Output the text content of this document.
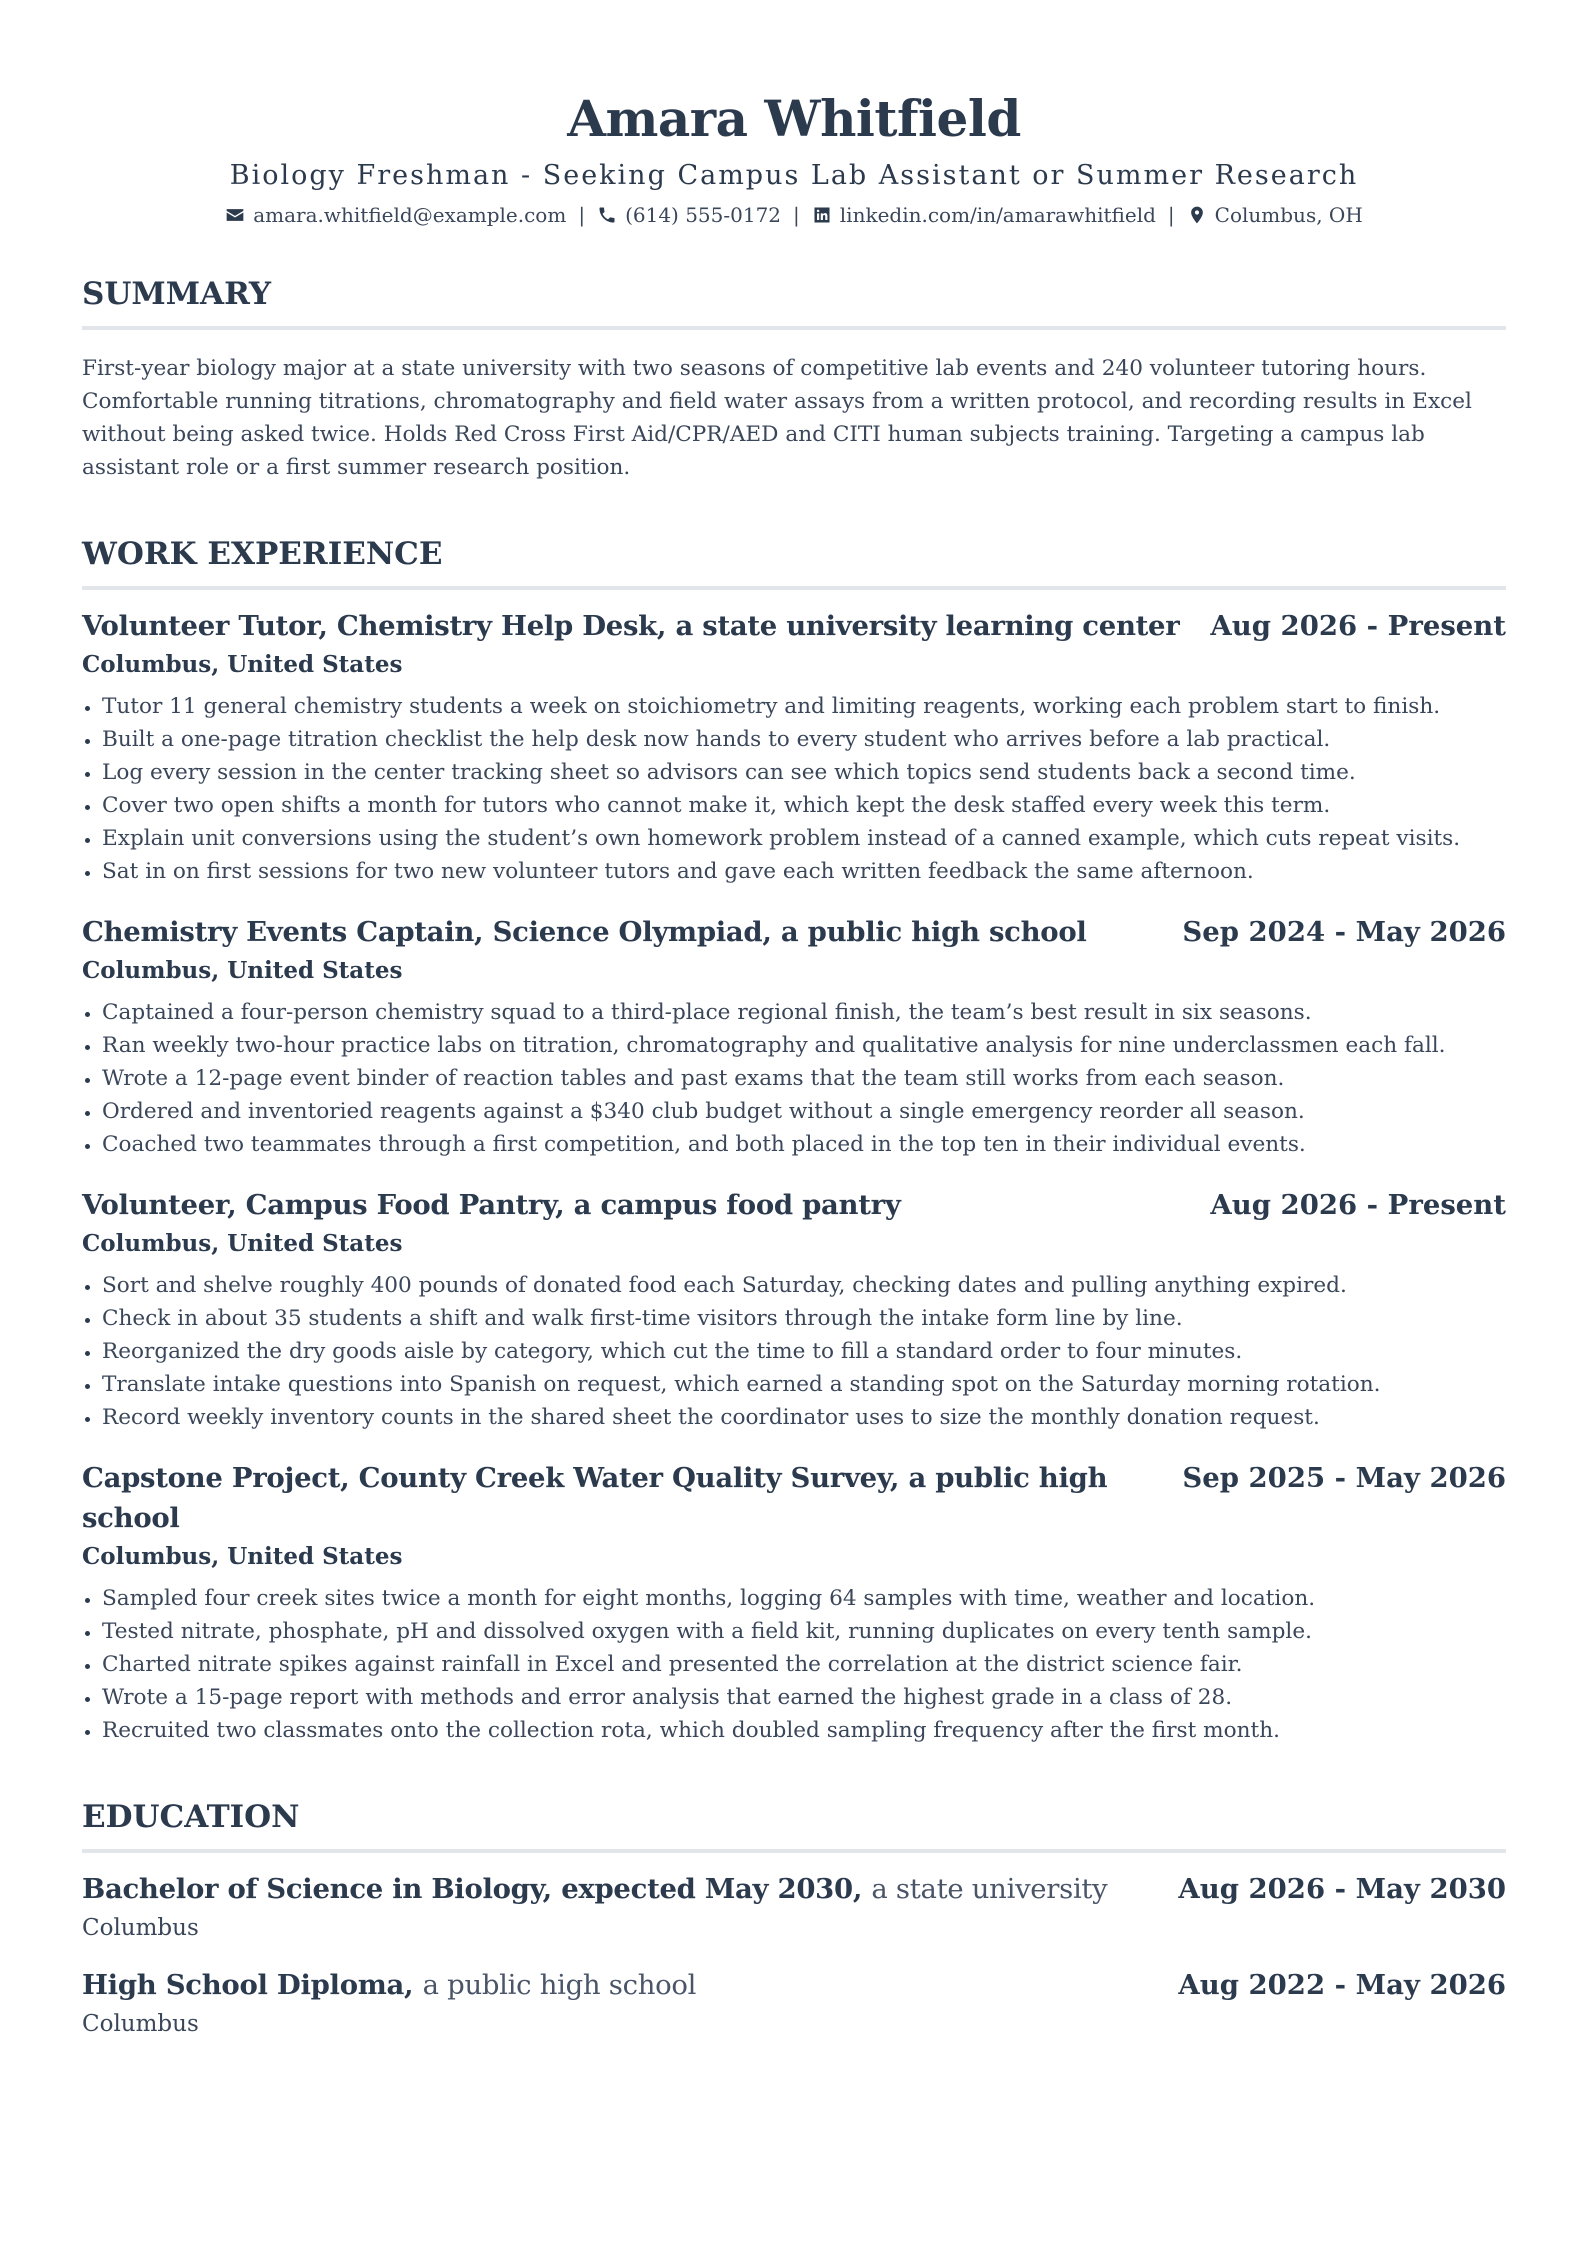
Amara Whitfield
Biology Freshman - Seeking Campus Lab Assistant or Summer Research
amara.whitfield@example.com | (614) 555-0172 | linkedin.com/in/amarawhitfield | Columbus, OH
SUMMARY
First-year biology major at a state university with two seasons of competitive lab events and 240 volunteer tutoring hours. Comfortable running titrations, chromatography and field water assays from a written protocol, and recording results in Excel without being asked twice. Holds Red Cross First Aid/CPR/AED and CITI human subjects training. Targeting a campus lab assistant role or a first summer research position.
WORK EXPERIENCE
Volunteer Tutor, Chemistry Help Desk, a state university learning center Aug 2026 - Present
Columbus, United States
• Tutor 11 general chemistry students a week on stoichiometry and limiting reagents, working each problem start to finish.
• Built a one-page titration checklist the help desk now hands to every student who arrives before a lab practical.
• Log every session in the center tracking sheet so advisors can see which topics send students back a second time.
• Cover two open shifts a month for tutors who cannot make it, which kept the desk staffed every week this term.
• Explain unit conversions using the student’s own homework problem instead of a canned example, which cuts repeat visits.
• Sat in on first sessions for two new volunteer tutors and gave each written feedback the same afternoon.
Chemistry Events Captain, Science Olympiad, a public high school	Sep 2024 - May 2026
Columbus, United States
• Captained a four-person chemistry squad to a third-place regional finish, the team’s best result in six seasons.
• Ran weekly two-hour practice labs on titration, chromatography and qualitative analysis for nine underclassmen each fall.
• Wrote a 12-page event binder of reaction tables and past exams that the team still works from each season.
• Ordered and inventoried reagents against a $340 club budget without a single emergency reorder all season.
• Coached two teammates through a first competition, and both placed in the top ten in their individual events.
Volunteer, Campus Food Pantry, a campus food pantry	Aug 2026 - Present
Columbus, United States
• Sort and shelve roughly 400 pounds of donated food each Saturday, checking dates and pulling anything expired.
• Check in about 35 students a shift and walk first-time visitors through the intake form line by line.
• Reorganized the dry goods aisle by category, which cut the time to fill a standard order to four minutes.
• Translate intake questions into Spanish on request, which earned a standing spot on the Saturday morning rotation.
• Record weekly inventory counts in the shared sheet the coordinator uses to size the monthly donation request.
Capstone Project, County Creek Water Quality Survey, a public high school
Sep 2025 - May 2026
Columbus, United States
• Sampled four creek sites twice a month for eight months, logging 64 samples with time, weather and location.
• Tested nitrate, phosphate, pH and dissolved oxygen with a field kit, running duplicates on every tenth sample.
• Charted nitrate spikes against rainfall in Excel and presented the correlation at the district science fair.
• Wrote a 15-page report with methods and error analysis that earned the highest grade in a class of 28.
• Recruited two classmates onto the collection rota, which doubled sampling frequency after the first month.
EDUCATION
Bachelor of Science in Biology, expected May 2030, a state university	Aug 2026 - May 2030
Columbus
High School Diploma, a public high school	Aug 2022 - May 2026
Columbus
